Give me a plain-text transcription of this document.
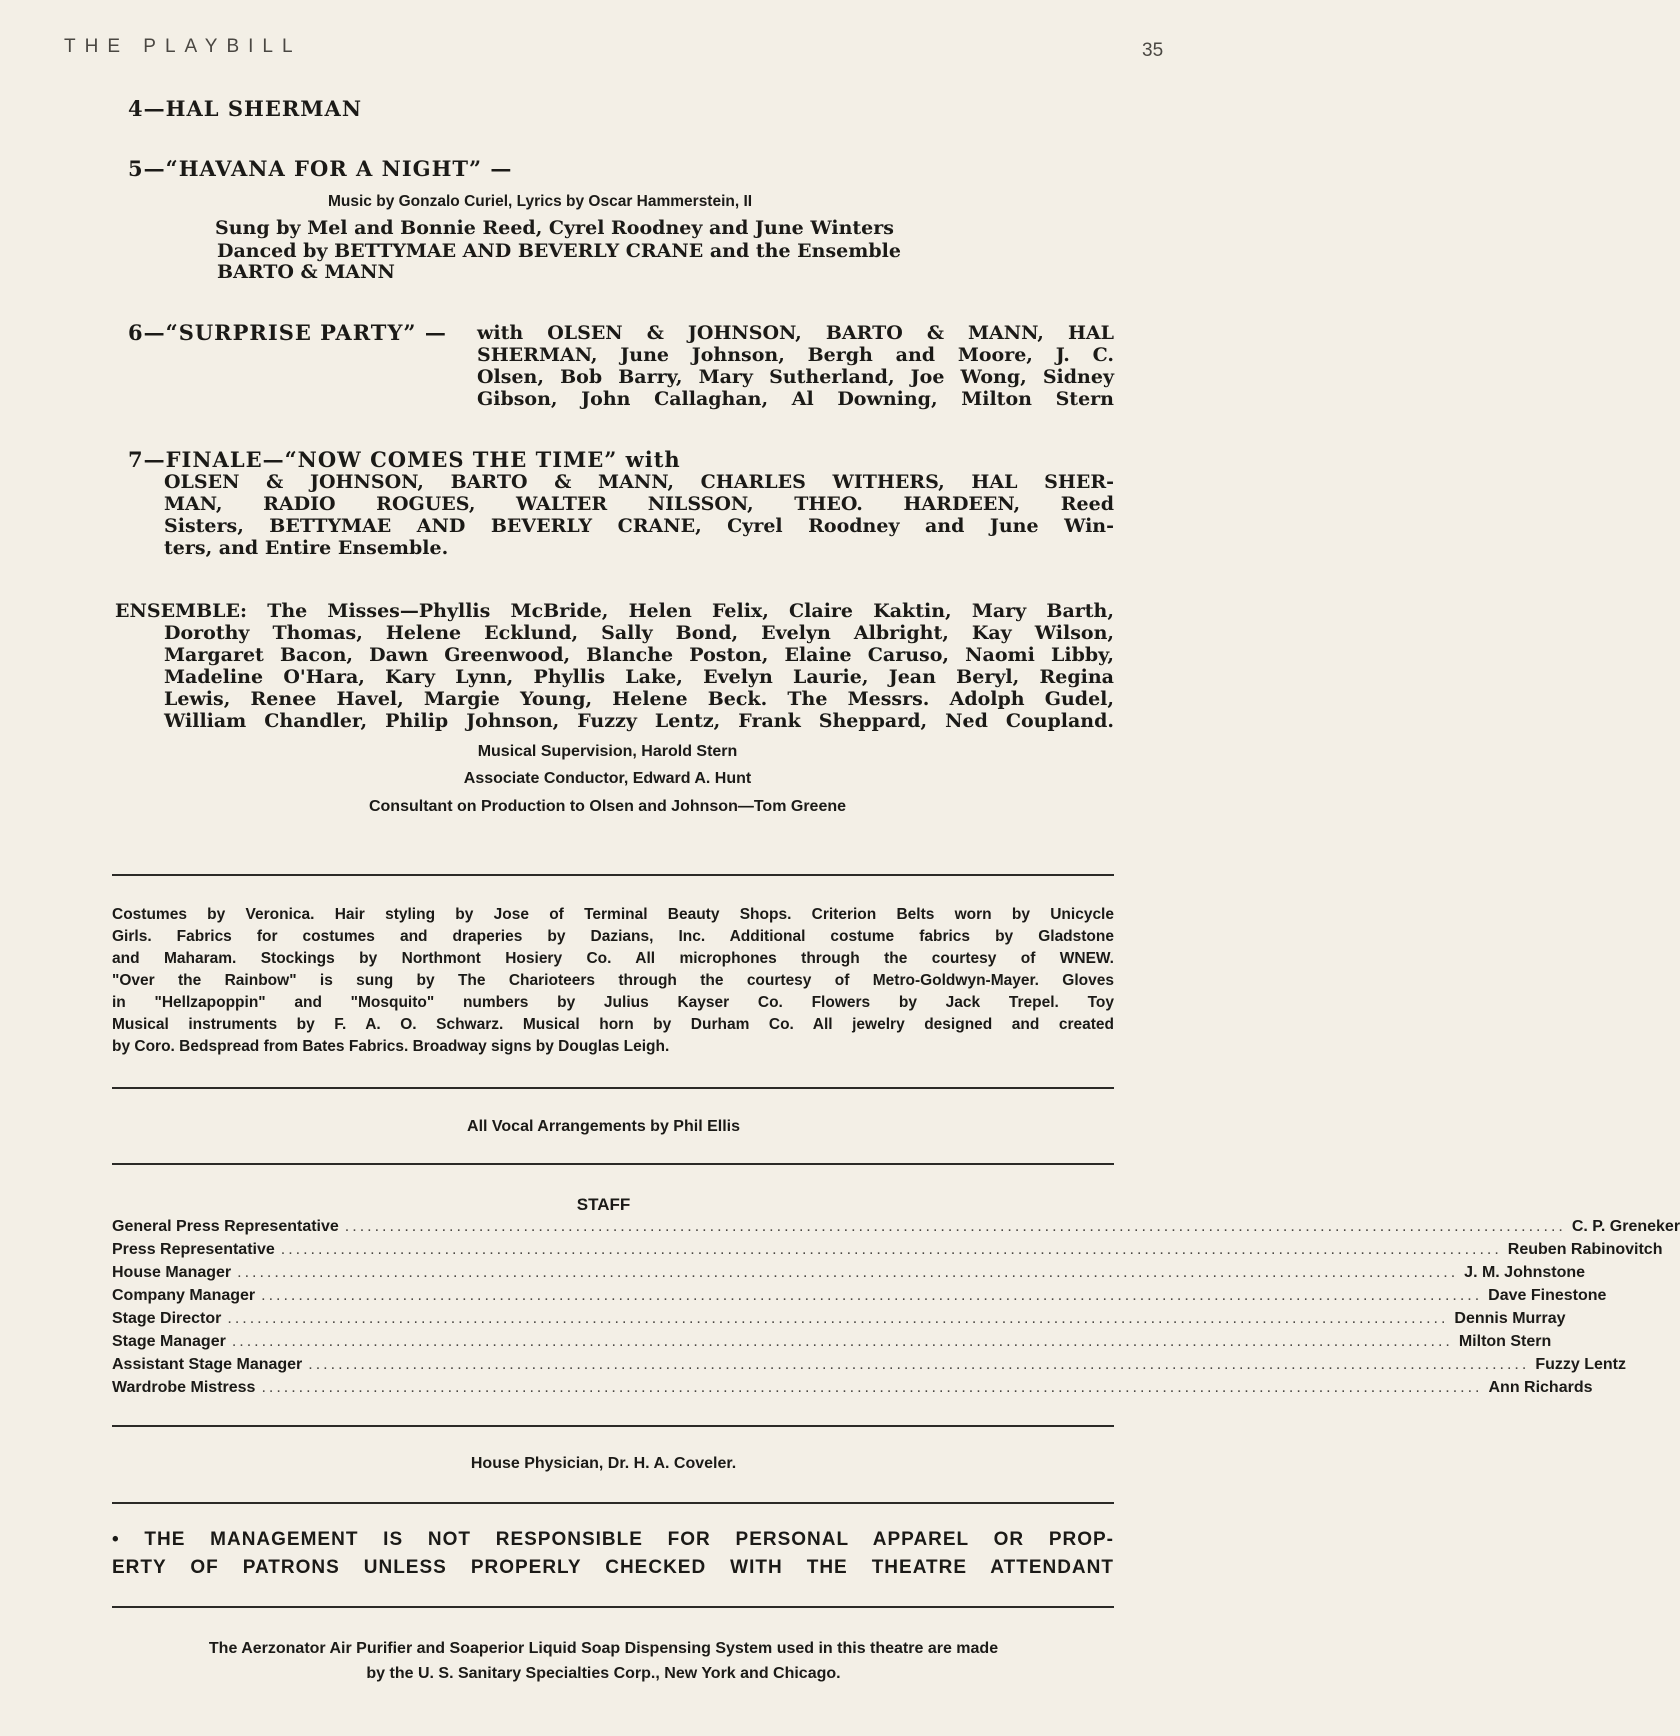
THE PLAYBILL	35
4—HAL SHERMAN
5—“HAVANA FOR A NIGHT” —
Music by Gonzalo Curiel, Lyrics by Oscar Hammerstein, II
Sung by Mel and Bonnie Reed, Cyrel Roodney and June Winters
Danced by BETTYMAE AND BEVERLY CRANE and the Ensemble
BARTO & MANN
6—“SURPRISE PARTY” — with OLSEN & JOHNSON, BARTO & MANN, HAL
SHERMAN, June Johnson, Bergh and Moore, J. C.
Olsen, Bob Barry, Mary Sutherland, Joe Wong, Sidney
Gibson, John Callaghan, Al Downing, Milton Stern
7—FINALE—“NOW COMES THE TIME” with
OLSEN & JOHNSON, BARTO & MANN, CHARLES WITHERS, HAL SHER-
MAN, RADIO ROGUES, WALTER NILSSON, THEO. HARDEEN, Reed
Sisters, BETTYMAE AND BEVERLY CRANE, Cyrel Roodney and June Win-
ters, and Entire Ensemble.
ENSEMBLE: The Misses—Phyllis McBride, Helen Felix, Claire Kaktin, Mary Barth,
Dorothy Thomas, Helene Ecklund, Sally Bond, Evelyn Albright, Kay Wilson,
Margaret Bacon, Dawn Greenwood, Blanche Poston, Elaine Caruso, Naomi Libby,
Madeline O'Hara, Kary Lynn, Phyllis Lake, Evelyn Laurie, Jean Beryl, Regina
Lewis, Renee Havel, Margie Young, Helene Beck. The Messrs. Adolph Gudel,
William Chandler, Philip Johnson, Fuzzy Lentz, Frank Sheppard, Ned Coupland.
Musical Supervision, Harold Stern
Associate Conductor, Edward A. Hunt
Consultant on Production to Olsen and Johnson—Tom Greene
Costumes by Veronica. Hair styling by Jose of Terminal Beauty Shops. Criterion Belts worn by Unicycle
Girls. Fabrics for costumes and draperies by Dazians, Inc. Additional costume fabrics by Gladstone
and Maharam. Stockings by Northmont Hosiery Co. All microphones through the courtesy of WNEW.
"Over the Rainbow" is sung by The Charioteers through the courtesy of Metro-Goldwyn-Mayer. Gloves
in "Hellzapoppin" and "Mosquito" numbers by Julius Kayser Co. Flowers by Jack Trepel. Toy
Musical instruments by F. A. O. Schwarz. Musical horn by Durham Co. All jewelry designed and created
by Coro. Bedspread from Bates Fabrics. Broadway signs by Douglas Leigh.
All Vocal Arrangements by Phil Ellis
STAFF
General Press Representative .................................................................................................................................................................... C. P. Greneker
Press Representative .................................................................................................................................................................... Reuben Rabinovitch
House Manager .................................................................................................................................................................... J. M. Johnstone
Company Manager .................................................................................................................................................................... Dave Finestone
Stage Director .................................................................................................................................................................... Dennis Murray
Stage Manager .................................................................................................................................................................... Milton Stern
Assistant Stage Manager .................................................................................................................................................................... Fuzzy Lentz
Wardrobe Mistress .................................................................................................................................................................... Ann Richards
House Physician, Dr. H. A. Coveler.
• THE MANAGEMENT IS NOT RESPONSIBLE FOR PERSONAL APPAREL OR PROP-
ERTY OF PATRONS UNLESS PROPERLY CHECKED WITH THE THEATRE ATTENDANT
The Aerzonator Air Purifier and Soaperior Liquid Soap Dispensing System used in this theatre are made
by the U. S. Sanitary Specialties Corp., New York and Chicago.
